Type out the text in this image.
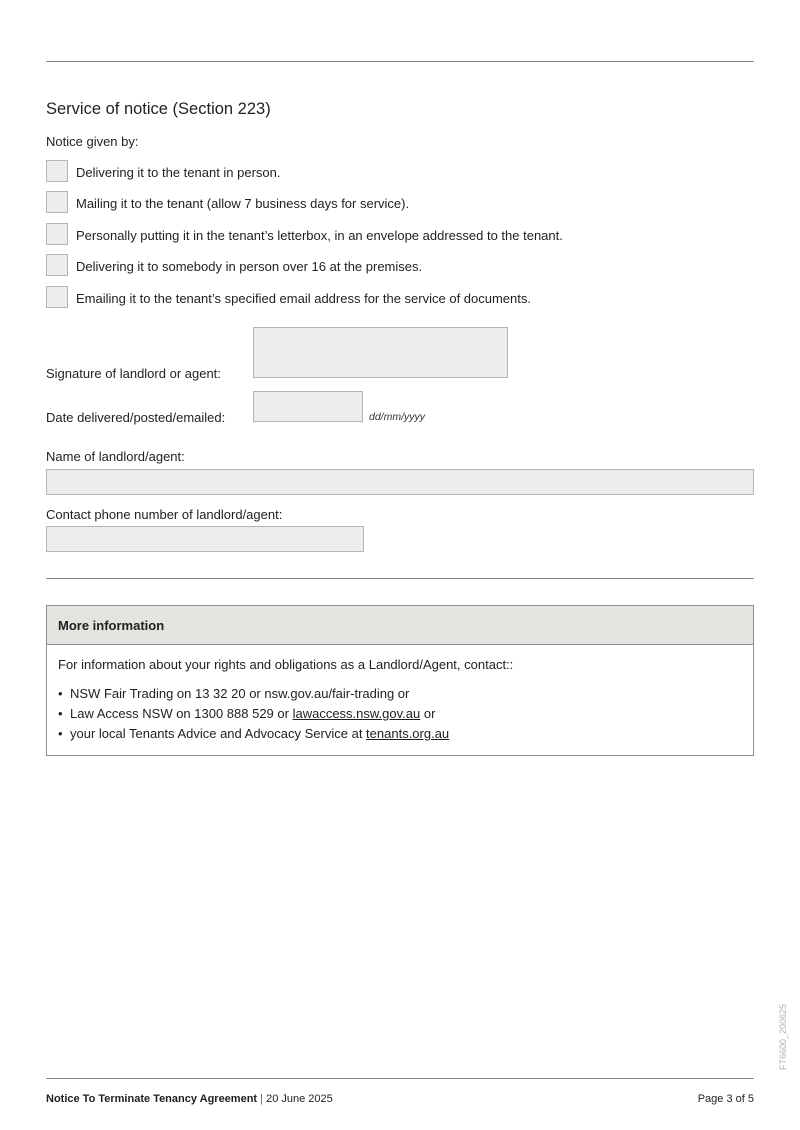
Service of notice (Section 223)
Notice given by:
Delivering it to the tenant in person.
Mailing it to the tenant (allow 7 business days for service).
Personally putting it in the tenant’s letterbox, in an envelope addressed to the tenant.
Delivering it to somebody in person over 16 at the premises.
Emailing it to the tenant’s specified email address for the service of documents.
Signature of landlord or agent:
Date delivered/posted/emailed:	dd/mm/yyyy
Name of landlord/agent:
Contact phone number of landlord/agent:
More information
For information about your rights and obligations as a Landlord/Agent, contact::
• NSW Fair Trading on 13 32 20 or nsw.gov.au/fair-trading or
• Law Access NSW on 1300 888 529 or lawaccess.nsw.gov.au or
• your local Tenants Advice and Advocacy Service at tenants.org.au
FT6600_200625
Notice To Terminate Tenancy Agreement | 20 June 2025	Page 3 of 5
